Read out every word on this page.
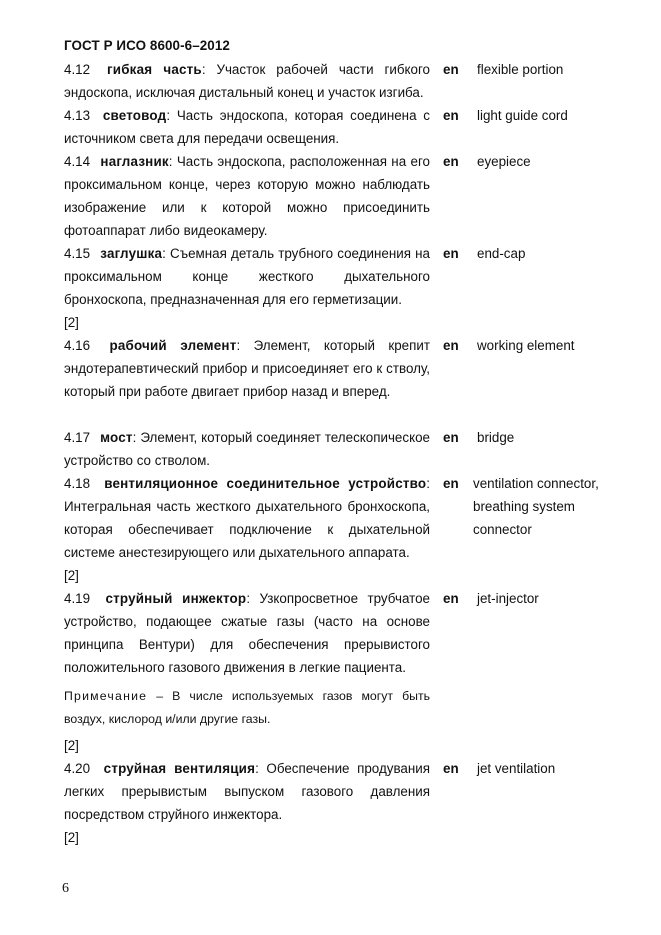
ГОСТ Р ИСО 8600-6–2012
4.12 гибкая часть: Участок рабочей части гибкого эндоскопа, исключая дистальный конец и участок изгиба.
en	flexible portion
4.13 световод: Часть эндоскопа, которая соединена с источником света для передачи освещения.
en	light guide cord
4.14 наглазник: Часть эндоскопа, расположенная на его проксимальном конце, через которую можно наблюдать изображение или к которой можно присоединить фотоаппарат либо видеокамеру.
en	eyepiece
4.15 заглушка: Съемная деталь трубного соединения на проксимальном конце жесткого дыхательного бронхоскопа, предназначенная для его герметизации.
en	end-cap
[2]
4.16 рабочий элемент: Элемент, который крепит эндотерапевтический прибор и присоединяет его к стволу, который при работе двигает прибор назад и вперед.
en	working element
4.17 мост: Элемент, который соединяет телескопическое устройство со стволом.
en	bridge
4.18 вентиляционное соединительное устройство: Интегральная часть жесткого дыхательного бронхоскопа, которая обеспечивает подключение к дыхательной системе анестезирующего или дыхательного аппарата.
en	ventilation connector, breathing system connector
[2]
4.19 струйный инжектор: Узкопросветное трубчатое устройство, подающее сжатые газы (часто на основе принципа Вентури) для обеспечения прерывистого положительного газового движения в легкие пациента.
en	jet-injector
Примечание – В числе используемых газов могут быть воздух, кислород и/или другие газы.
[2]
4.20 струйная вентиляция: Обеспечение продувания легких прерывистым выпуском газового давления посредством струйного инжектора.
en	jet ventilation
[2]
6
